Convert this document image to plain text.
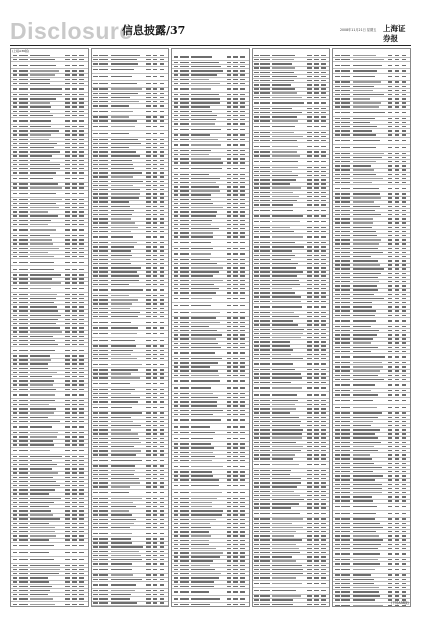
Disclosure
信息披露/37	2008年11月21日 星期五 上海证券报
(上接A36版)
(下转A38版)
